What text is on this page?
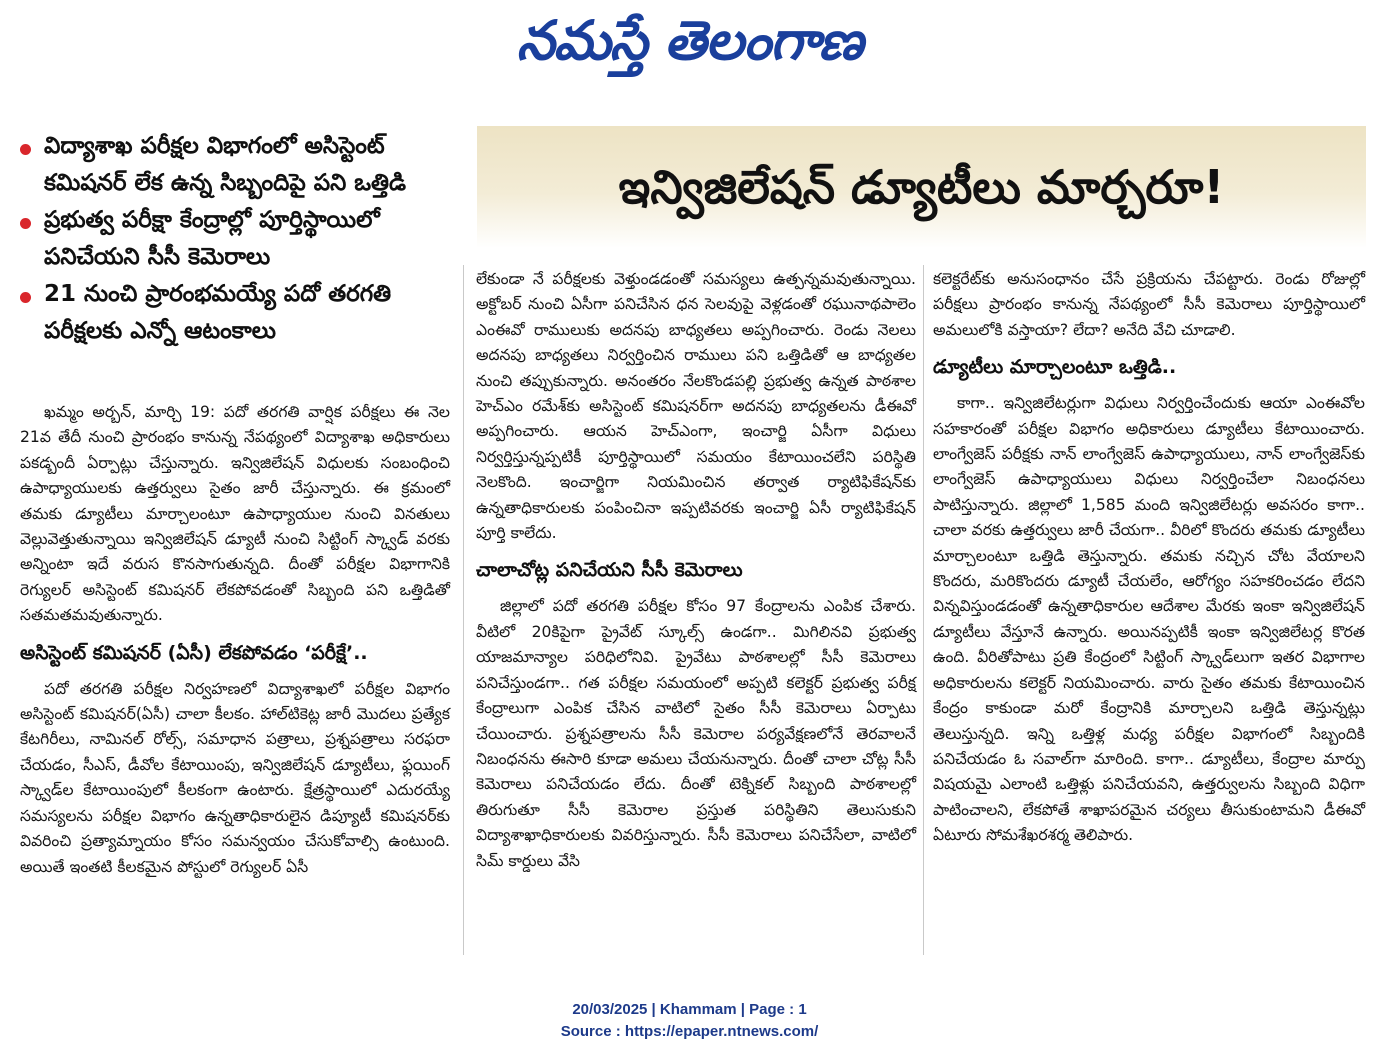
నమస్తే తెలంగాణ
విద్యాశాఖ పరీక్షల విభాగంలో అసిస్టెంట్ కమిషనర్ లేక ఉన్న సిబ్బందిపై పని ఒత్తిడి
ప్రభుత్వ పరీక్షా కేంద్రాల్లో పూర్తిస్థాయిలో పనిచేయని సీసీ కెమెరాలు
21 నుంచి ప్రారంభమయ్యే పదో తరగతి పరీక్షలకు ఎన్నో ఆటంకాలు
ఇన్విజిలేషన్ డ్యూటీలు మార్చరూ!

ఖమ్మం అర్బన్, మార్చి 19: పదో తరగతి వార్షిక పరీక్షలు ఈ నెల 21వ తేదీ నుంచి ప్రారంభం కానున్న నేపథ్యంలో విద్యాశాఖ అధికారులు పకడ్బందీ ఏర్పాట్లు చేస్తున్నారు. ఇన్విజిలేషన్ విధులకు సంబంధించి ఉపాధ్యాయులకు ఉత్తర్వులు సైతం జారీ చేస్తున్నారు. ఈ క్రమంలో తమకు డ్యూటీలు మార్చాలంటూ ఉపాధ్యాయుల నుంచి వినతులు వెల్లువెత్తుతున్నాయి ఇన్విజిలేషన్ డ్యూటీ నుంచి సిట్టింగ్ స్క్వాడ్ వరకు అన్నింటా ఇదే వరుస కొనసాగుతున్నది. దీంతో పరీక్షల విభాగానికి రెగ్యులర్ అసిస్టెంట్ కమిషనర్ లేకపోవడంతో సిబ్బంది పని ఒత్తిడితో సతమతమవుతున్నారు.

అసిస్టెంట్ కమిషనర్ (ఏసీ) లేకపోవడం ‘పరీక్షే’..

పదో తరగతి పరీక్షల నిర్వహణలో విద్యాశాఖలో పరీక్షల విభాగం అసిస్టెంట్ కమిషనర్(ఏసీ) చాలా కీలకం. హాల్‌టికెట్ల జారీ మొదలు ప్రత్యేక కేటగిరీలు, నామినల్ రోల్స్, సమాధాన పత్రాలు, ప్రశ్నపత్రాలు సరఫరా చేయడం, సీఎస్, డీవోల కేటాయింపు, ఇన్విజిలేషన్ డ్యూటీలు, ఫ్లయింగ్ స్క్వాడ్‌ల కేటాయింపులో కీలకంగా ఉంటారు. క్షేత్రస్థాయిలో ఎదురయ్యే సమస్యలను పరీక్షల విభాగం ఉన్నతాధికారులైన డిప్యూటీ కమిషనర్‌కు వివరించి ప్రత్యామ్నాయం కోసం సమన్వయం చేసుకోవాల్సి ఉంటుంది. అయితే ఇంతటి కీలకమైన పోస్టులో రెగ్యులర్ ఏసీ

లేకుండా నే పరీక్షలకు వెళ్తుండడంతో సమస్యలు ఉత్పన్నమవుతున్నాయి. అక్టోబర్ నుంచి ఏసీగా పనిచేసిన ధన సెలవుపై వెళ్లడంతో రఘునాథపాలెం ఎంఈవో రాములుకు అదనపు బాధ్యతలు అప్పగించారు. రెండు నెలలు అదనపు బాధ్యతలు నిర్వర్తించిన రాములు పని ఒత్తిడితో ఆ బాధ్యతల నుంచి తప్పుకున్నారు. అనంతరం నేలకొండపల్లి ప్రభుత్వ ఉన్నత పాఠశాల హెచ్‌ఎం రమేశ్‌కు అసిస్టెంట్ కమిషనర్‌గా అదనపు బాధ్యతలను డీఈవో అప్పగించారు. ఆయన హెచ్‌ఎంగా, ఇంచార్జి ఏసీగా విధులు నిర్వర్తిస్తున్నప్పటికీ పూర్తిస్థాయిలో సమయం కేటాయించలేని పరిస్థితి నెలకొంది. ఇంచార్జిగా నియమించిన తర్వాత ర్యాటిఫికేషన్‌కు ఉన్నతాధికారులకు పంపించినా ఇప్పటివరకు ఇంచార్జి ఏసీ ర్యాటిఫికేషన్ పూర్తి కాలేదు.

చాలాచోట్ల పనిచేయని సీసీ కెమెరాలు

జిల్లాలో పదో తరగతి పరీక్షల కోసం 97 కేంద్రాలను ఎంపిక చేశారు. వీటిలో 20కిపైగా ప్రైవేట్ స్కూల్స్ ఉండగా.. మిగిలినవి ప్రభుత్వ యాజమాన్యాల పరిధిలోనివి. ప్రైవేటు పాఠశాలల్లో సీసీ కెమెరాలు పనిచేస్తుండగా.. గత పరీక్షల సమయంలో అప్పటి కలెక్టర్ ప్రభుత్వ పరీక్ష కేంద్రాలుగా ఎంపిక చేసిన వాటిలో సైతం సీసీ కెమెరాలు ఏర్పాటు చేయించారు. ప్రశ్నపత్రాలను సీసీ కెమెరాల పర్యవేక్షణలోనే తెరవాలనే నిబంధనను ఈసారి కూడా అమలు చేయనున్నారు. దీంతో చాలా చోట్ల సీసీ కెమెరాలు పనిచేయడం లేదు. దీంతో టెక్నికల్ సిబ్బంది పాఠశాలల్లో తిరుగుతూ సీసీ కెమెరాల ప్రస్తుత పరిస్థితిని తెలుసుకుని విద్యాశాఖాధికారులకు వివరిస్తున్నారు. సీసీ కెమెరాలు పనిచేసేలా, వాటిలో సిమ్ కార్డులు వేసి

కలెక్టరేట్‌కు అనుసంధానం చేసే ప్రక్రియను చేపట్టారు. రెండు రోజుల్లో పరీక్షలు ప్రారంభం కానున్న నేపథ్యంలో సీసీ కెమెరాలు పూర్తిస్థాయిలో అమలులోకి వస్తాయా? లేదా? అనేది వేచి చూడాలి.

డ్యూటీలు మార్చాలంటూ ఒత్తిడి..

కాగా.. ఇన్విజిలేటర్లుగా విధులు నిర్వర్తించేందుకు ఆయా ఎంఈవోల సహకారంతో పరీక్షల విభాగం అధికారులు డ్యూటీలు కేటాయించారు. లాంగ్వేజెస్ పరీక్షకు నాన్ లాంగ్వేజెస్ ఉపాధ్యాయులు, నాన్ లాంగ్వేజెస్‌కు లాంగ్వేజెస్ ఉపాధ్యాయులు విధులు నిర్వర్తించేలా నిబంధనలు పాటిస్తున్నారు. జిల్లాలో 1,585 మంది ఇన్విజిలేటర్లు అవసరం కాగా.. చాలా వరకు ఉత్తర్వులు జారీ చేయగా.. వీరిలో కొందరు తమకు డ్యూటీలు మార్చాలంటూ ఒత్తిడి తెస్తున్నారు. తమకు నచ్చిన చోట వేయాలని కొందరు, మరికొందరు డ్యూటీ చేయలేం, ఆరోగ్యం సహకరించడం లేదని విన్నవిస్తుండడంతో ఉన్నతాధికారుల ఆదేశాల మేరకు ఇంకా ఇన్విజిలేషన్ డ్యూటీలు వేస్తూనే ఉన్నారు. అయినప్పటికీ ఇంకా ఇన్విజిలేటర్ల కొరత ఉంది. వీరితోపాటు ప్రతి కేంద్రంలో సిట్టింగ్ స్క్వాడ్‌లుగా ఇతర విభాగాల అధికారులను కలెక్టర్ నియమించారు. వారు సైతం తమకు కేటాయించిన కేంద్రం కాకుండా మరో కేంద్రానికి మార్చాలని ఒత్తిడి తెస్తున్నట్లు తెలుస్తున్నది. ఇన్ని ఒత్తిళ్ల మధ్య పరీక్షల విభాగంలో సిబ్బందికి పనిచేయడం ఓ సవాల్‌గా మారింది. కాగా.. డ్యూటీలు, కేంద్రాల మార్పు విషయమై ఎలాంటి ఒత్తిళ్లు పనిచేయవని, ఉత్తర్వులను సిబ్బంది విధిగా పాటించాలని, లేకపోతే శాఖాపరమైన చర్యలు తీసుకుంటామని డీఈవో ఏటూరు సోమశేఖరశర్మ తెలిపారు.

20/03/2025 | Khammam | Page : 1
Source : https://epaper.ntnews.com/
